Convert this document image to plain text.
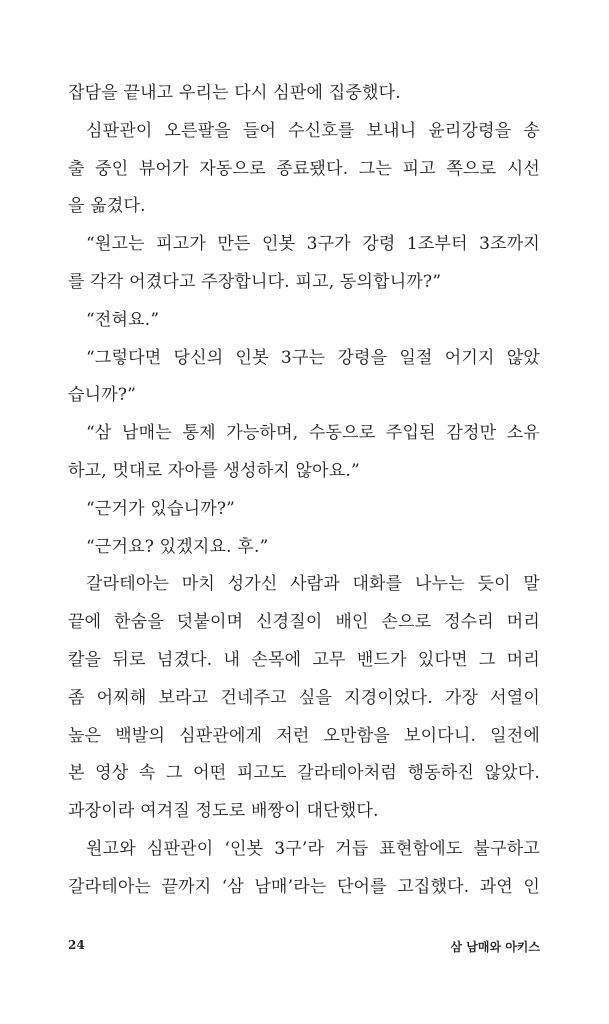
잡담을 끝내고 우리는 다시 심판에 집중했다.
심판관이 오른팔을 들어 수신호를 보내니 윤리강령을 송
출 중인 뷰어가 자동으로 종료됐다. 그는 피고 쪽으로 시선
을 옮겼다.
“원고는 피고가 만든 인봇 3구가 강령 1조부터 3조까지
를 각각 어겼다고 주장합니다. 피고, 동의합니까?”
“전혀요.”
“그렇다면 당신의 인봇 3구는 강령을 일절 어기지 않았
습니까?”
“삼 남매는 통제 가능하며, 수동으로 주입된 감정만 소유
하고, 멋대로 자아를 생성하지 않아요.”
“근거가 있습니까?”
“근거요? 있겠지요. 후.”
갈라테아는 마치 성가신 사람과 대화를 나누는 듯이 말
끝에 한숨을 덧붙이며 신경질이 배인 손으로 정수리 머리
칼을 뒤로 넘겼다. 내 손목에 고무 밴드가 있다면 그 머리
좀 어찌해 보라고 건네주고 싶을 지경이었다. 가장 서열이
높은 백발의 심판관에게 저런 오만함을 보이다니. 일전에
본 영상 속 그 어떤 피고도 갈라테아처럼 행동하진 않았다.
과장이라 여겨질 정도로 배짱이 대단했다.
원고와 심판관이 ‘인봇 3구’라 거듭 표현함에도 불구하고
갈라테아는 끝까지 ‘삼 남매’라는 단어를 고집했다. 과연 인
24	삼 남매와 아키스
